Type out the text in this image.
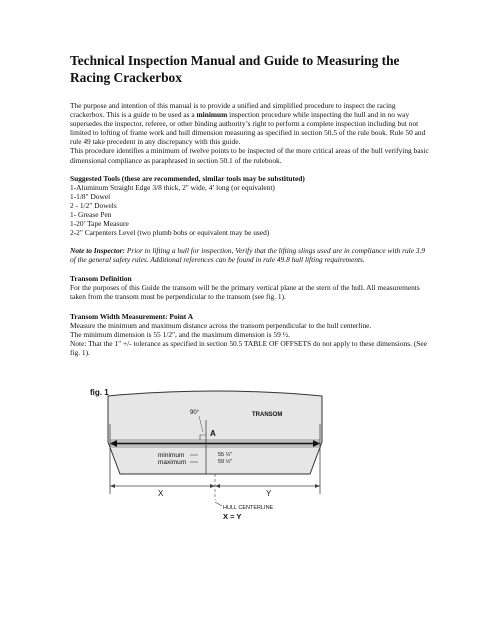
Technical Inspection Manual and Guide to Measuring the Racing Crackerbox

The purpose and intention of this manual is to provide a unified and simplified procedure to inspect the racing crackerbox. This is a guide to be used as a minimum inspection procedure while inspecting the hull and in no way supersedes the inspector, referee, or other binding authority’s right to perform a complete inspection including but not limited to lofting of frame work and hull dimension measuring as specified in section 50.5 of the rule book. Rule 50 and rule 49 take precedent in any discrepancy with this guide.

This procedure identifies a minimum of twelve points to be inspected of the more critical areas of the hull verifying basic dimensional compliance as paraphrased in section 50.1 of the rulebook.

Suggested Tools (these are recommended, similar tools may be substituted)
1-Aluminum Straight Edge 3/8 thick, 2" wide, 4’ long (or equivalent)
1-1/8" Dowel
2 - 1/2" Dowels
1- Grease Pen
1-20’ Tape Measure
2-2" Carpenters Level (two plumb bobs or equivalent may be used)
Note to Inspector: Prior to lifting a hull for inspection, Verify that the lifting slings used are in compliance with rule 3.9 of the general safety rules. Additional references can be found in rule 49.8 hull lifting requirements.
Transom Definition

For the purposes of this Guide the transom will be the primary vertical plane at the stern of the hull. All measurements taken from the transom must be perpendicular to the transom (see fig. 1).

Transom Width Measurement: Point A
Measure the minimum and maximum distance across the transom perpendicular to the hull centerline.
The minimum dimension is 55 1/2", and the maximum dimension is 59 ½.
Note: That the 1" +/- tolerance as specified in section 50.5 TABLE OF OFFSETS do not apply to these dimensions. (See fig. 1).
fig. 1
TRANSOM
90°
A
minimum
maximum
55 ½"
59 ½"
X	Y
HULL CENTERLINE
X = Y
